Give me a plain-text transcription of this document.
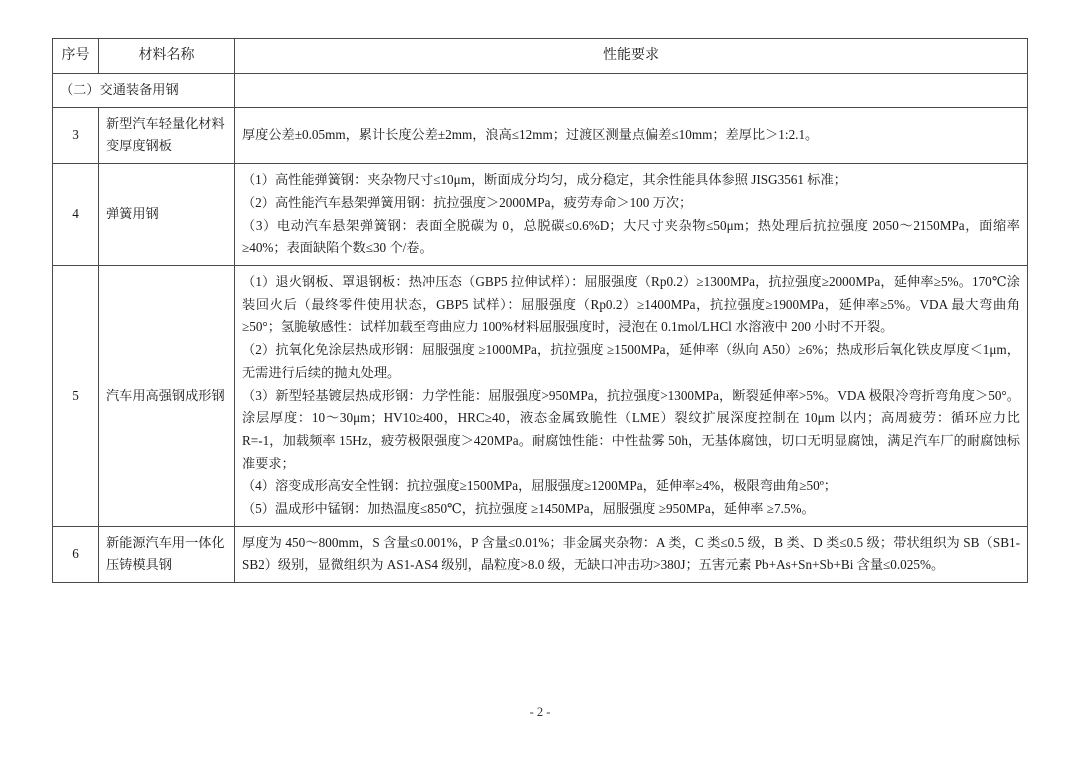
序号	材料名称	性能要求
（二）交通装备用钢		
3	新型汽车轻量化材料变厚度钢板	厚度公差±0.05mm，累计长度公差±2mm，浪高≤12mm；过渡区测量点偏差≤10mm；差厚比＞1:2.1。

4	弹簧用钢	（1）高性能弹簧钢：夹杂物尺寸≤10μm，断面成分均匀，成分稳定，其余性能具体参照 JISG3561 标准；

（2）高性能汽车悬架弹簧用钢：抗拉强度＞2000MPa，疲劳寿命＞100 万次；

（3）电动汽车悬架弹簧钢：表面全脱碳为 0，总脱碳≤0.6%D；大尺寸夹杂物≤50μm；热处理后抗拉强度 2050～2150MPa，面缩率≥40%；表面缺陷个数≤30 个/卷。

5	汽车用高强钢成形钢	（1）退火钢板、罩退钢板：热冲压态（GBP5 拉伸试样）：屈服强度（Rp0.2）≥1300MPa，抗拉强度≥2000MPa，延伸率≥5%。170℃涂装回火后（最终零件使用状态，GBP5 试样）：屈服强度（Rp0.2）≥1400MPa，抗拉强度≥1900MPa，延伸率≥5%。VDA 最大弯曲角≥50°；氢脆敏感性：试样加载至弯曲应力 100%材料屈服强度时，浸泡在 0.1mol/LHCl 水溶液中 200 小时不开裂。

（2）抗氧化免涂层热成形钢：屈服强度 ≥1000MPa，抗拉强度 ≥1500MPa，延伸率（纵向 A50）≥6%；热成形后氧化铁皮厚度＜1μm，无需进行后续的抛丸处理。

（3）新型轻基镀层热成形钢：力学性能：屈服强度>950MPa，抗拉强度>1300MPa，断裂延伸率>5%。VDA 极限冷弯折弯角度＞50°。涂层厚度：10～30μm；HV10≥400，HRC≥40，液态金属致脆性（LME）裂纹扩展深度控制在 10μm 以内；高周疲劳：循环应力比 R=-1，加载频率 15Hz，疲劳极限强度＞420MPa。耐腐蚀性能：中性盐雾 50h，无基体腐蚀，切口无明显腐蚀，满足汽车厂的耐腐蚀标准要求；

（4）溶变成形高安全性钢：抗拉强度≥1500MPa，屈服强度≥1200MPa，延伸率≥4%，极限弯曲角≥50º；

（5）温成形中锰钢：加热温度≤850℃，抗拉强度 ≥1450MPa，屈服强度 ≥950MPa，延伸率 ≥7.5%。

6	新能源汽车用一体化压铸模具钢	厚度为 450～800mm，S 含量≤0.001%，P 含量≤0.01%；非金属夹杂物：A 类，C 类≤0.5 级，B 类、D 类≤0.5 级；带状组织为 SB（SB1-SB2）级别，显微组织为 AS1-AS4 级别，晶粒度>8.0 级，无缺口冲击功>380J；五害元素 Pb+As+Sn+Sb+Bi 含量≤0.025%。

- 2 -
